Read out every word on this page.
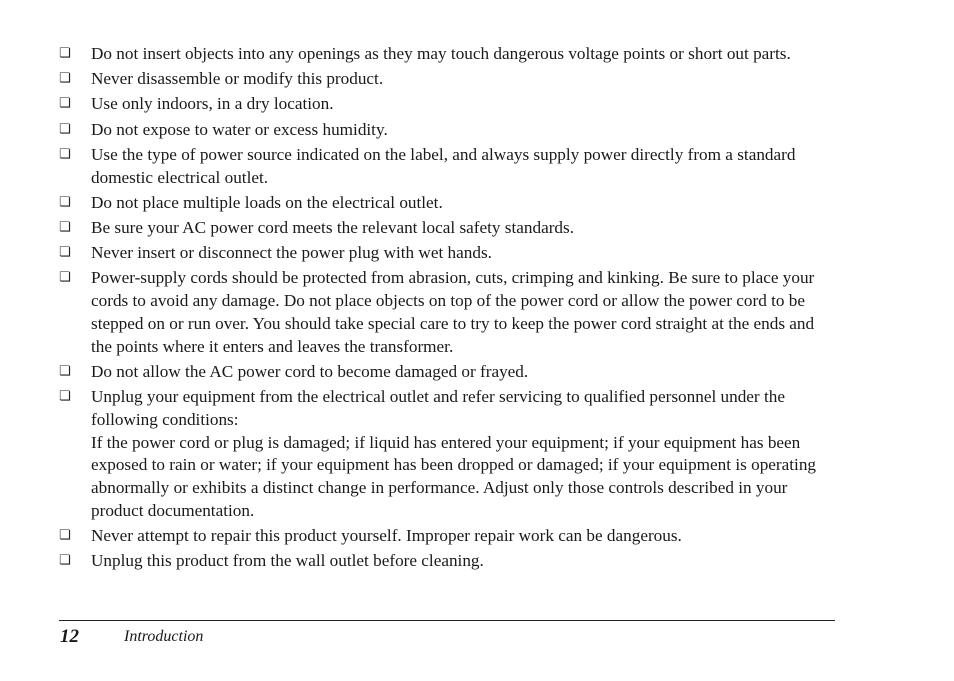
❏ Do not insert objects into any openings as they may touch dangerous voltage points or short out parts.
❏ Never disassemble or modify this product.
❏ Use only indoors, in a dry location.
❏ Do not expose to water or excess humidity.
❏ Use the type of power source indicated on the label, and always supply power directly from a standard domestic electrical outlet.
❏ Do not place multiple loads on the electrical outlet.
❏ Be sure your AC power cord meets the relevant local safety standards.
❏ Never insert or disconnect the power plug with wet hands.
❏ Power-supply cords should be protected from abrasion, cuts, crimping and kinking. Be sure to place your cords to avoid any damage. Do not place objects on top of the power cord or allow the power cord to be stepped on or run over. You should take special care to try to keep the power cord straight at the ends and the points where it enters and leaves the transformer.
❏ Do not allow the AC power cord to become damaged or frayed.
❏ Unplug your equipment from the electrical outlet and refer servicing to qualified personnel under the following conditions:
If the power cord or plug is damaged; if liquid has entered your equipment; if your equipment has been exposed to rain or water; if your equipment has been dropped or damaged; if your equipment is operating abnormally or exhibits a distinct change in performance. Adjust only those controls described in your product documentation.
❏ Never attempt to repair this product yourself. Improper repair work can be dangerous.
❏ Unplug this product from the wall outlet before cleaning.
12	Introduction
